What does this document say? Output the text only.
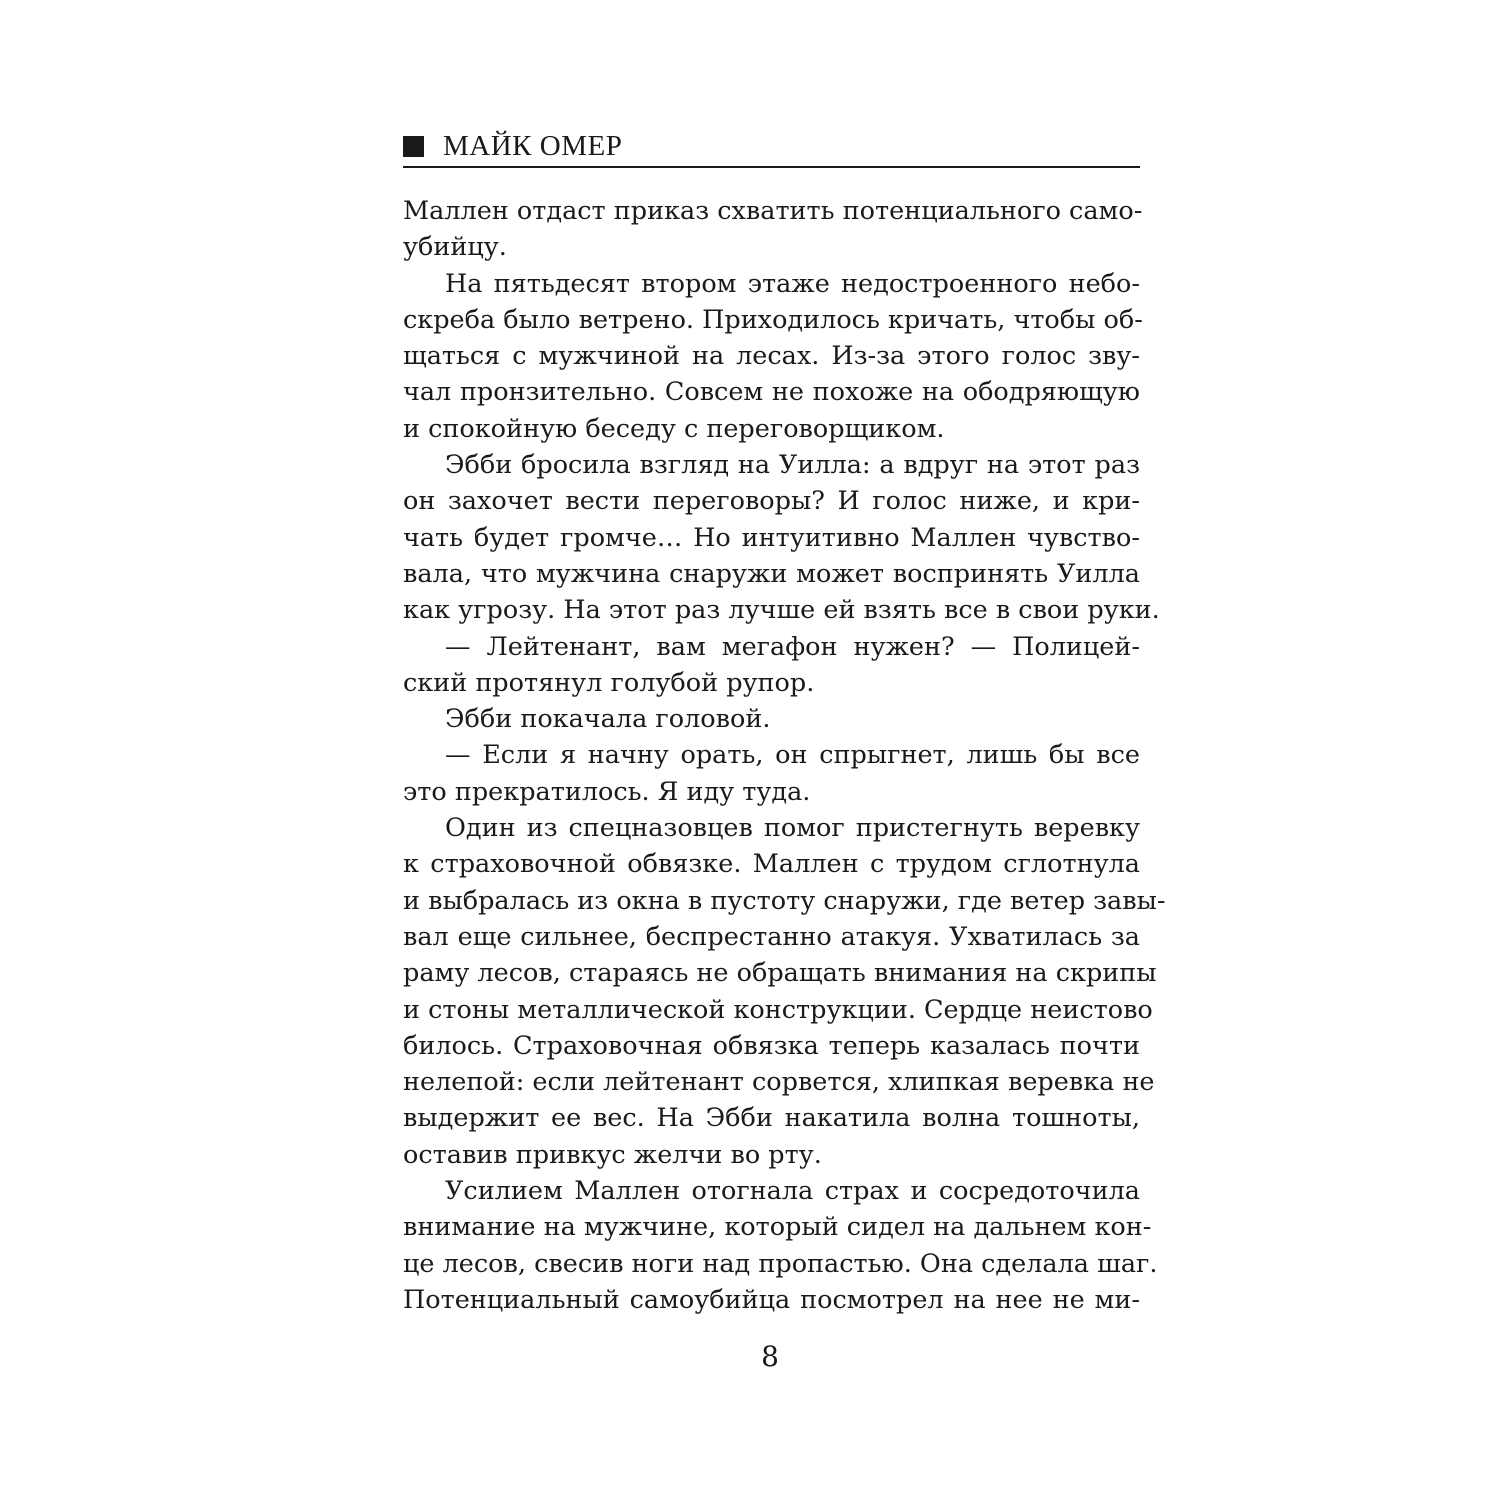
МАЙК ОМЕР
Маллен отдаст приказ схватить потенциального само-
убийцу.
На пятьдесят втором этаже недостроенного небо-
скреба было ветрено. Приходилось кричать, чтобы об-
щаться с мужчиной на лесах. Из-за этого голос зву-
чал пронзительно. Совсем не похоже на ободряющую
и спокойную беседу с переговорщиком.
Эбби бросила взгляд на Уилла: а вдруг на этот раз
он захочет вести переговоры? И голос ниже, и кри-
чать будет громче… Но интуитивно Маллен чувство-
вала, что мужчина снаружи может воспринять Уилла
как угрозу. На этот раз лучше ей взять все в свои руки.
— Лейтенант, вам мегафон нужен? — Полицей-
ский протянул голубой рупор.
Эбби покачала головой.
— Если я начну орать, он спрыгнет, лишь бы все
это прекратилось. Я иду туда.
Один из спецназовцев помог пристегнуть веревку
к страховочной обвязке. Маллен с трудом сглотнула
и выбралась из окна в пустоту снаружи, где ветер завы-
вал еще сильнее, беспрестанно атакуя. Ухватилась за
раму лесов, стараясь не обращать внимания на скрипы
и стоны металлической конструкции. Сердце неистово
билось. Страховочная обвязка теперь казалась почти
нелепой: если лейтенант сорвется, хлипкая веревка не
выдержит ее вес. На Эбби накатила волна тошноты,
оставив привкус желчи во рту.
Усилием Маллен отогнала страх и сосредоточила
внимание на мужчине, который сидел на дальнем кон-
це лесов, свесив ноги над пропастью. Она сделала шаг.
Потенциальный самоубийца посмотрел на нее не ми-
8
